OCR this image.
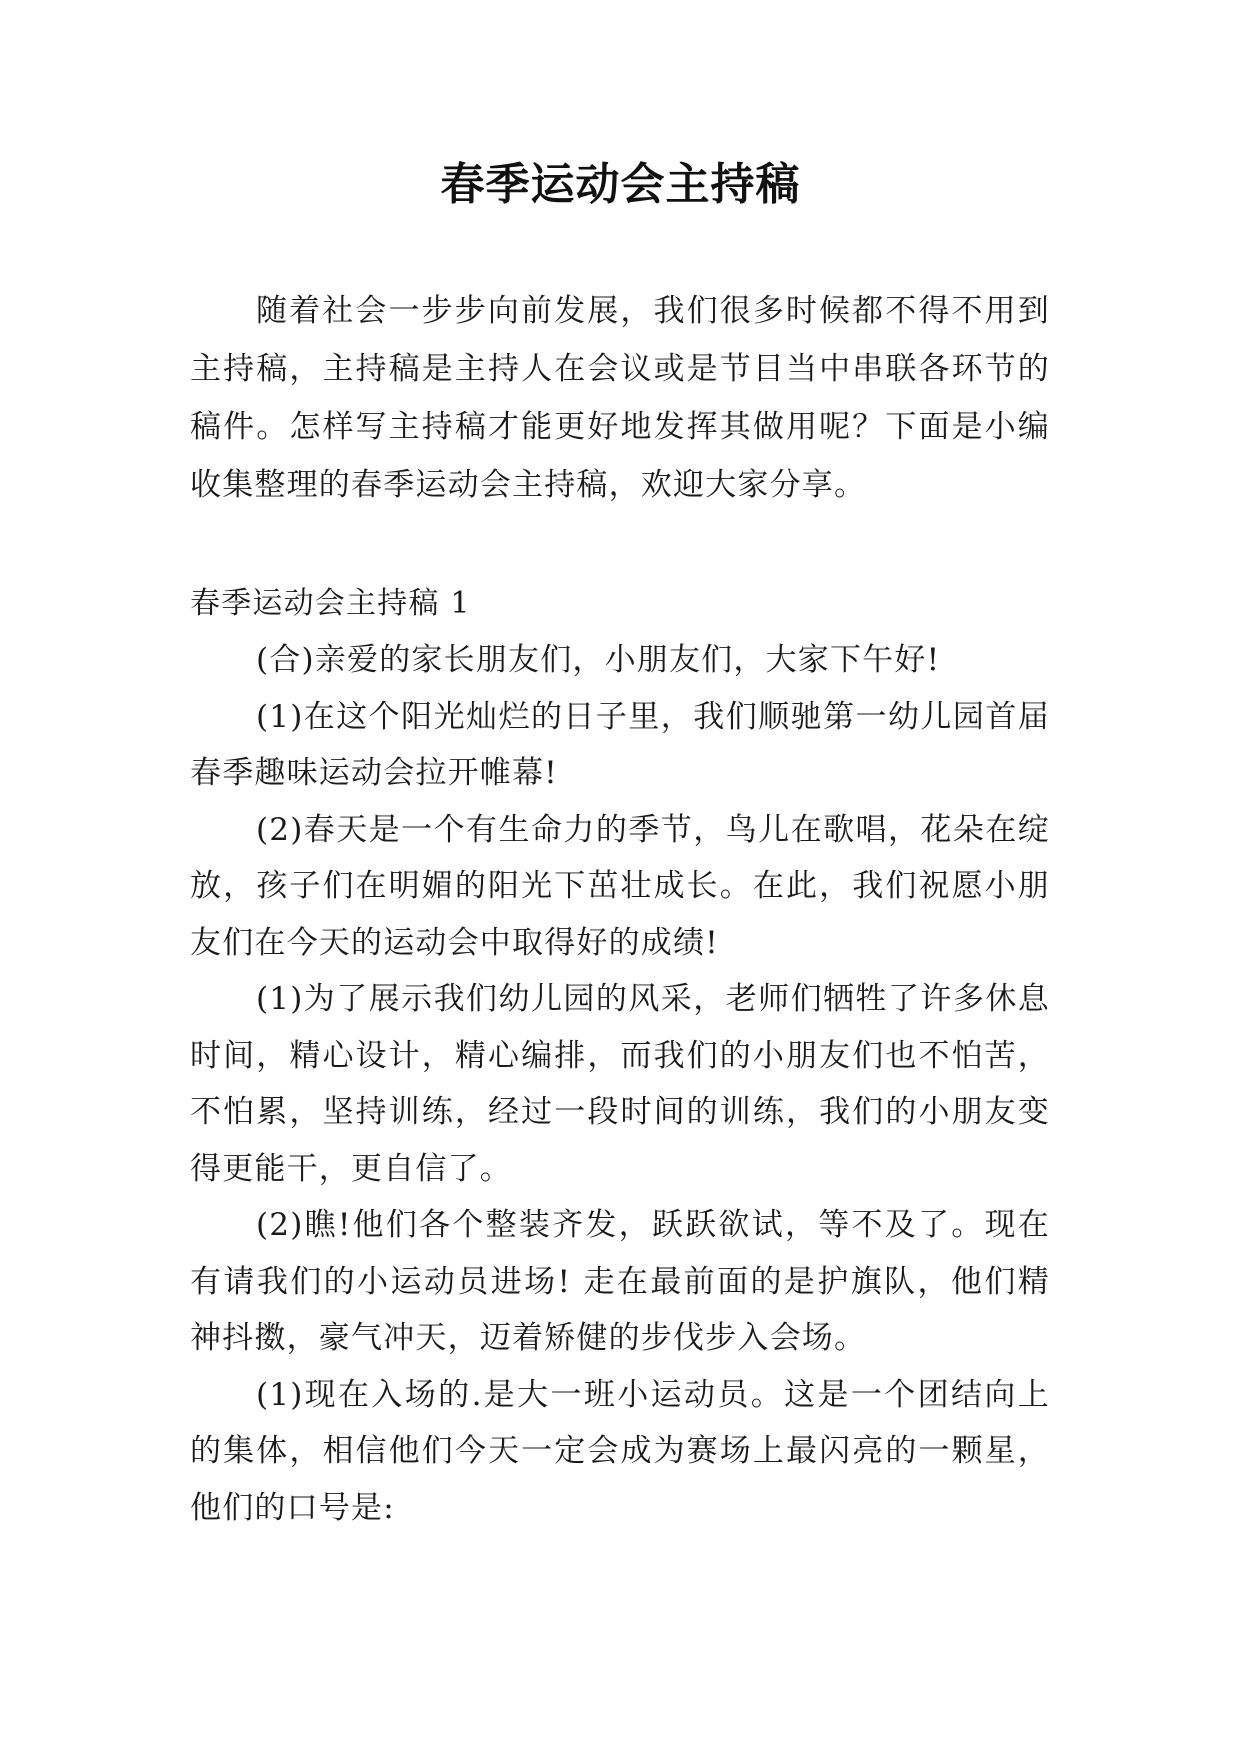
春季运动会主持稿

随着社会一步步向前发展，我们很多时候都不得不用到主持稿，主持稿是主持人在会议或是节目当中串联各环节的稿件。怎样写主持稿才能更好地发挥其做用呢？下面是小编收集整理的春季运动会主持稿，欢迎大家分享。

春季运动会主持稿 1

(合)亲爱的家长朋友们，小朋友们，大家下午好!

(1)在这个阳光灿烂的日子里，我们顺驰第一幼儿园首届春季趣味运动会拉开帷幕!

(2)春天是一个有生命力的季节，鸟儿在歌唱，花朵在绽放，孩子们在明媚的阳光下茁壮成长。在此，我们祝愿小朋友们在今天的运动会中取得好的成绩!

(1)为了展示我们幼儿园的风采，老师们牺牲了许多休息时间，精心设计，精心编排，而我们的小朋友们也不怕苦，不怕累，坚持训练，经过一段时间的训练，我们的小朋友变得更能干，更自信了。

(2)瞧!他们各个整装齐发，跃跃欲试，等不及了。现在有请我们的小运动员进场! 走在最前面的是护旗队，他们精神抖擞，豪气冲天，迈着矫健的步伐步入会场。

(1)现在入场的.是大一班小运动员。这是一个团结向上的集体，相信他们今天一定会成为赛场上最闪亮的一颗星，他们的口号是:
